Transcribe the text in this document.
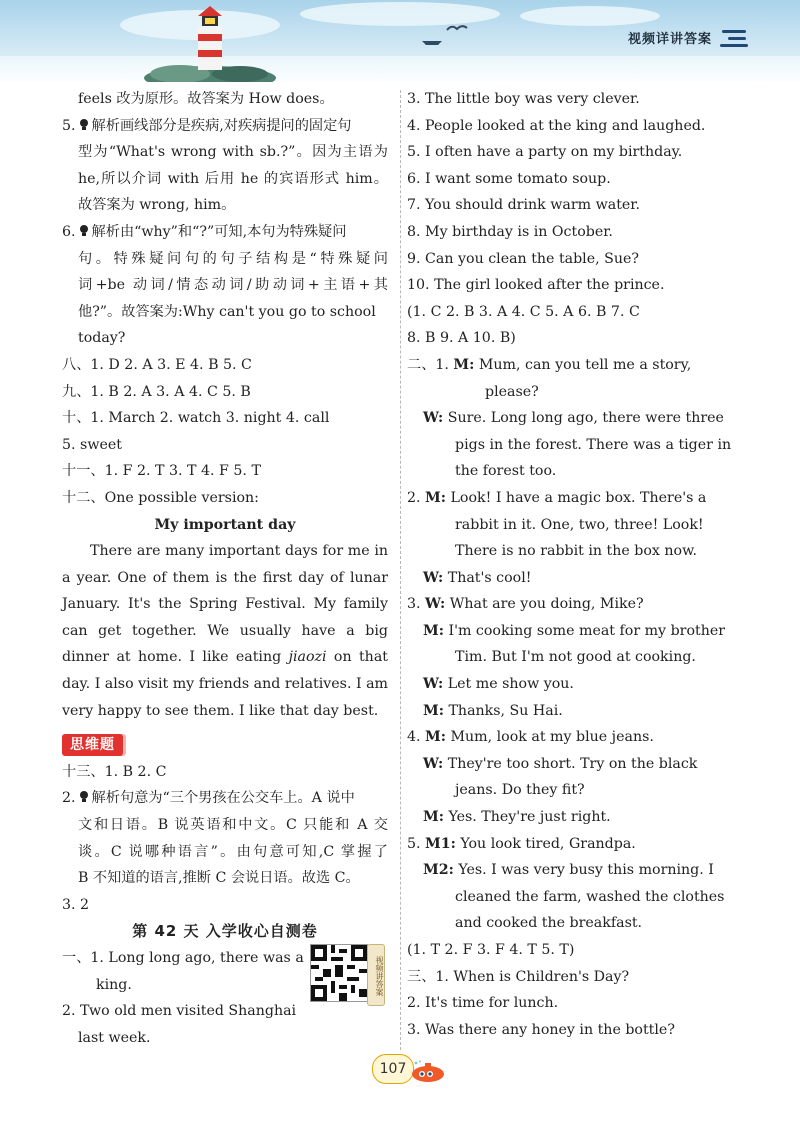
视频详讲答案
feels 改为原形。故答案为 How does。
5. 解析画线部分是疾病,对疾病提问的固定句
型为“What's wrong with sb.?”。因为主语为
he,所以介词 with 后用 he 的宾语形式 him。
故答案为 wrong, him。
6. 解析由“why”和“?”可知,本句为特殊疑问
句。特殊疑问句的句子结构是“特殊疑问
词+be 动词/情态动词/助动词+主语+其
他?”。故答案为:Why can't you go to school
today?
八、1. D 2. A 3. E 4. B 5. C
九、1. B 2. A 3. A 4. C 5. B
十、1. March 2. watch 3. night 4. call
5. sweet
十一、1. F 2. T 3. T 4. F 5. T
十二、One possible version:
My important day
There are many important days for me in a year. One of them is the first day of lunar January. It's the Spring Festival. My family can get together. We usually have a big dinner at home. I like eating jiaozi on that day. I also visit my friends and relatives. I am very happy to see them. I like that day best.
思维题
十三、1. B 2. C
2. 解析句意为“三个男孩在公交车上。A 说中
文和日语。B 说英语和中文。C 只能和 A 交
谈。C 说哪种语言”。由句意可知,C 掌握了
B 不知道的语言,推断 C 会说日语。故选 C。
3. 2
第 42 天 入学收心自测卷
一、1. Long long ago, there was a
king.
2. Two old men visited Shanghai
last week.
视频讲答案
3. The little boy was very clever.
4. People looked at the king and laughed.
5. I often have a party on my birthday.
6. I want some tomato soup.
7. You should drink warm water.
8. My birthday is in October.
9. Can you clean the table, Sue?
10. The girl looked after the prince.
(1. C 2. B 3. A 4. C 5. A 6. B 7. C
8. B 9. A 10. B)
二、1. M: Mum, can you tell me a story,
please?
W: Sure. Long long ago, there were three
pigs in the forest. There was a tiger in
the forest too.
2. M: Look! I have a magic box. There's a
rabbit in it. One, two, three! Look!
There is no rabbit in the box now.
W: That's cool!
3. W: What are you doing, Mike?
M: I'm cooking some meat for my brother
Tim. But I'm not good at cooking.
W: Let me show you.
M: Thanks, Su Hai.
4. M: Mum, look at my blue jeans.
W: They're too short. Try on the black
jeans. Do they fit?
M: Yes. They're just right.
5. M1: You look tired, Grandpa.
M2: Yes. I was very busy this morning. I
cleaned the farm, washed the clothes
and cooked the breakfast.
(1. T 2. F 3. F 4. T 5. T)
三、1. When is Children's Day?
2. It's time for lunch.
3. Was there any honey in the bottle?
107
